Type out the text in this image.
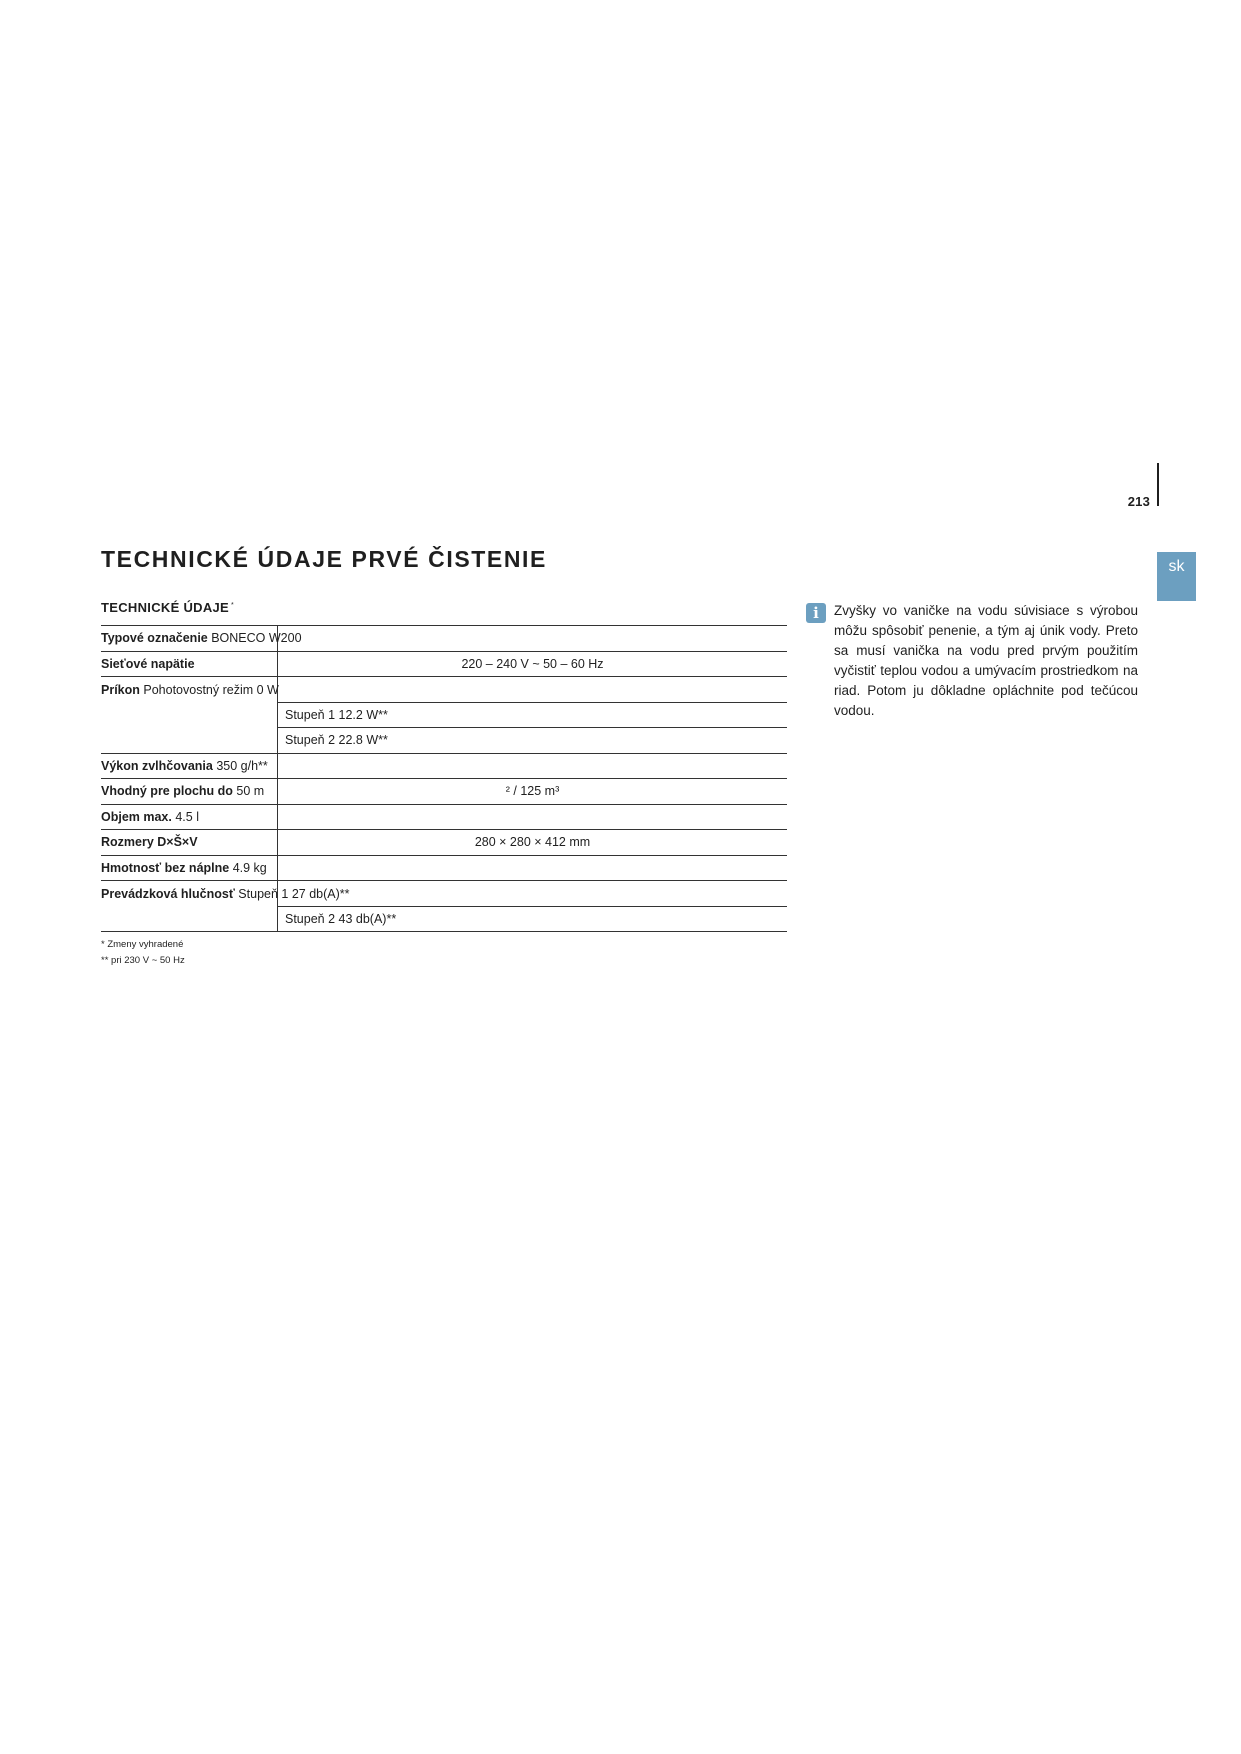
213
sk
TECHNICKÉ ÚDAJE PRVÉ ČISTENIE
TECHNICKÉ ÚDAJE *
Typové označenie BONECO W200	
Sieťové napätie	220 – 240 V ~ 50 – 60 Hz
Príkon Pohotovostný režim 0 W	
	Stupeň 1 12.2 W**
	Stupeň 2 22.8 W**
Výkon zvlhčovania 350 g/h**	
Vhodný pre plochu do 50 m	² / 125 m³
Objem max. 4.5 l	
Rozmery D×Š×V	280 × 280 × 412 mm
Hmotnosť bez náplne 4.9 kg	
Prevádzková hlučnosť Stupeň 1 27 db(A)**	
	Stupeň 2 43 db(A)**
* Zmeny vyhradené
** pri 230 V ~ 50 Hz
i	Zvyšky vo vaničke na vodu súvisiace s výrobou môžu spôsobiť penenie, a tým aj únik vody. Preto sa musí vanička na vodu pred prvým použitím vyčistiť teplou vodou a umývacím prostriedkom na riad. Potom ju dôkladne opláchnite pod tečúcou vodou.
